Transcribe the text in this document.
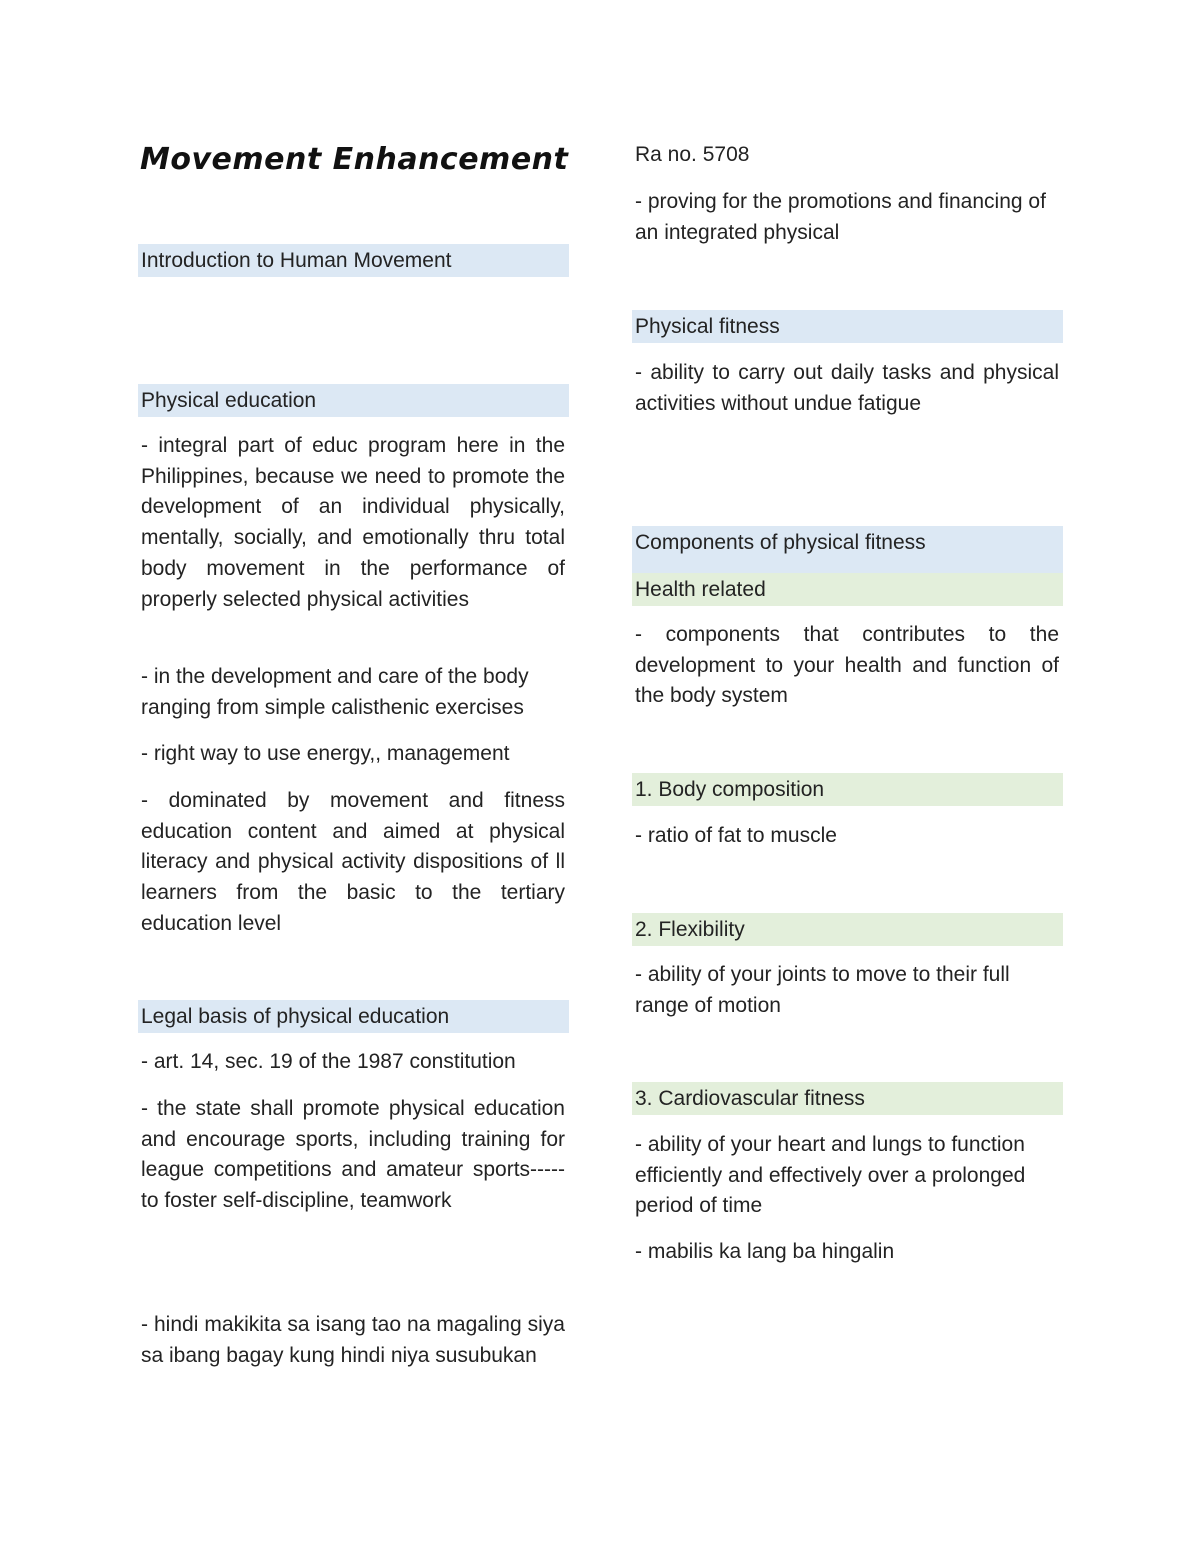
Movement Enhancement
Introduction to Human Movement
Physical education

- integral part of educ program here in the Philippines, because we need to promote the development of an individual physically, mentally, socially, and emotionally thru total body movement in the performance of properly selected physical activities

- in the development and care of the body ranging from simple calisthenic exercises

- right way to use energy,, management

- dominated by movement and fitness education content and aimed at physical literacy and physical activity dispositions of ll learners from the basic to the tertiary education level

Legal basis of physical education

- art. 14, sec. 19 of the 1987 constitution

- the state shall promote physical education and encourage sports, including training for league competitions and amateur sports----- to foster self-discipline, teamwork

- hindi makikita sa isang tao na magaling siya sa ibang bagay kung hindi niya susubukan

Ra no. 5708

- proving for the promotions and financing of an integrated physical

Physical fitness

- ability to carry out daily tasks and physical activities without undue fatigue

Components of physical fitness
Health related

- components that contributes to the development to your health and function of the body system

1. Body composition

- ratio of fat to muscle

2. Flexibility

- ability of your joints to move to their full range of motion

3. Cardiovascular fitness

- ability of your heart and lungs to function efficiently and effectively over a prolonged period of time

- mabilis ka lang ba hingalin
